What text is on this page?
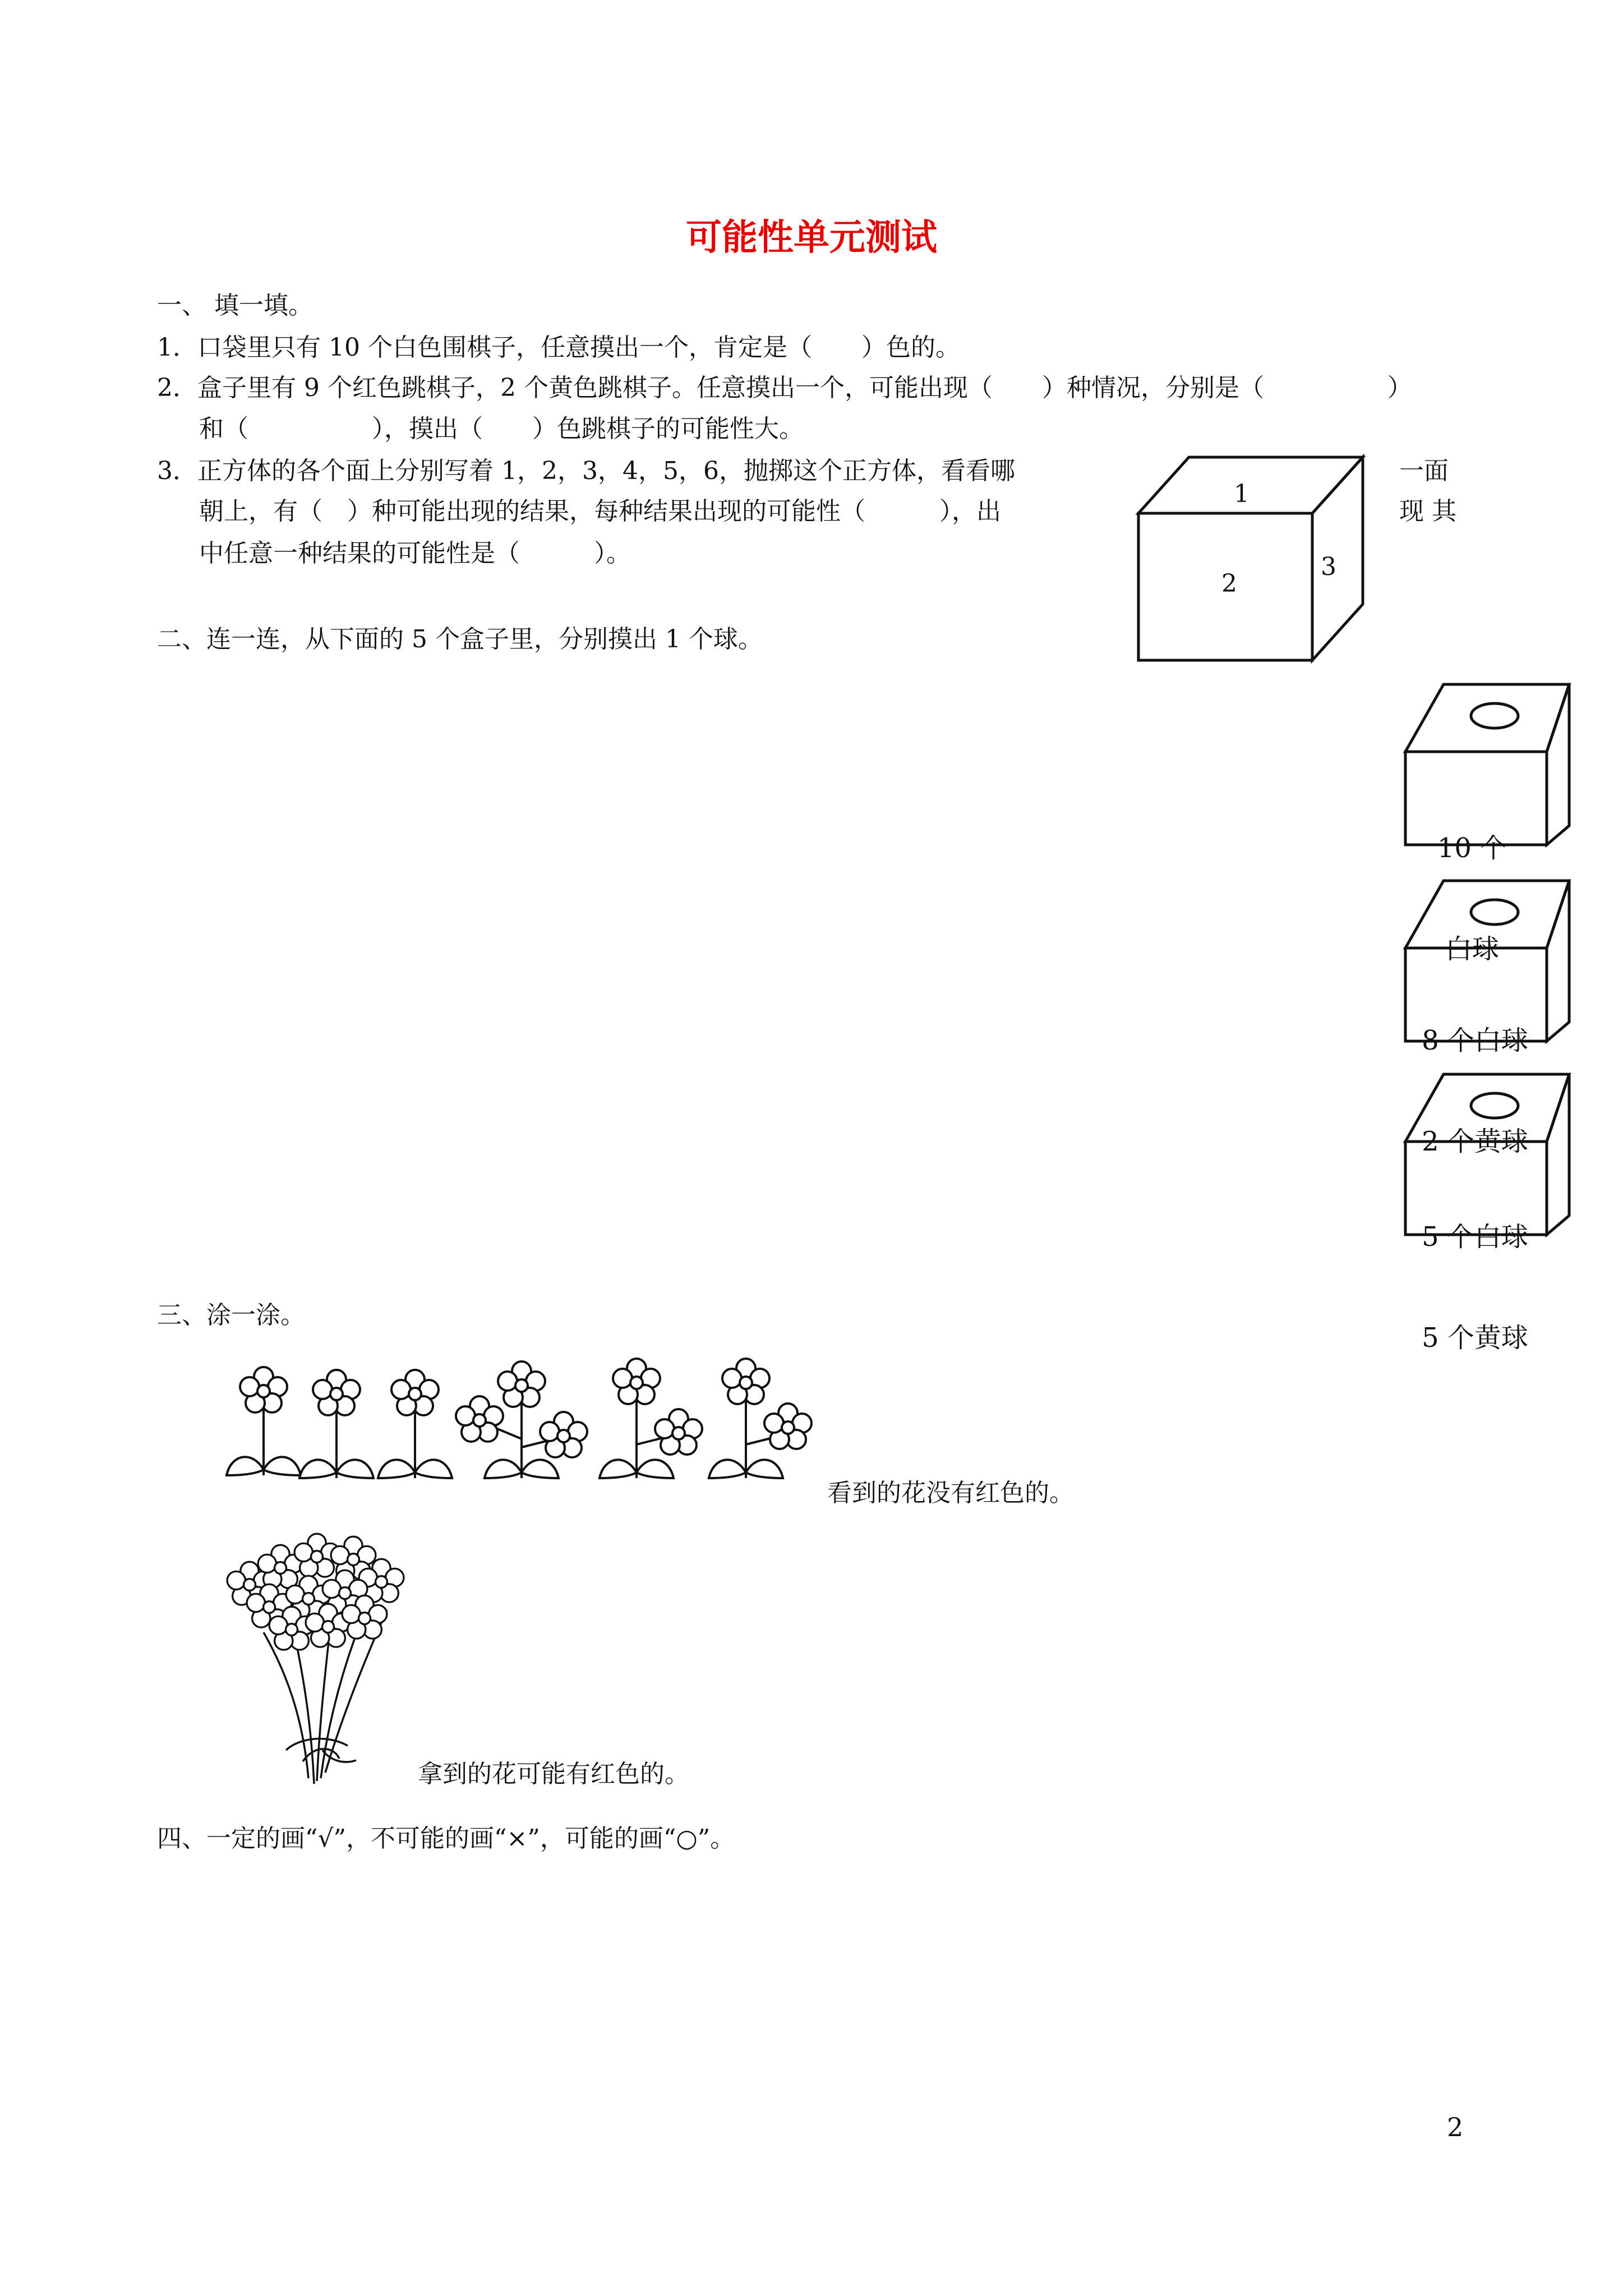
可能性单元测试
一、 填一填。
1．口袋里只有 10 个白色围棋子，任意摸出一个，肯定是（　　）色的。
2．盒子里有 9 个红色跳棋子，2 个黄色跳棋子。任意摸出一个，可能出现（　　）种情况，分别是（　　　　　）
和（　　　　　），摸出（　　）色跳棋子的可能性大。
3．正方体的各个面上分别写着 1，2，3，4，5，6，抛掷这个正方体，看看哪
朝上，有（　）种可能出现的结果，每种结果出现的可能性（　　　），出
中任意一种结果的可能性是（　　　）。
一面
现 其
1
2
3
二、连一连，从下面的 5 个盒子里，分别摸出 1 个球。

10 个

白球

8 个白球

2 个黄球

5 个白球

5 个黄球

三、涂一涂。
看到的花没有红色的。
拿到的花可能有红色的。
四、一定的画“√”，不可能的画“×”，可能的画“○”。
2
